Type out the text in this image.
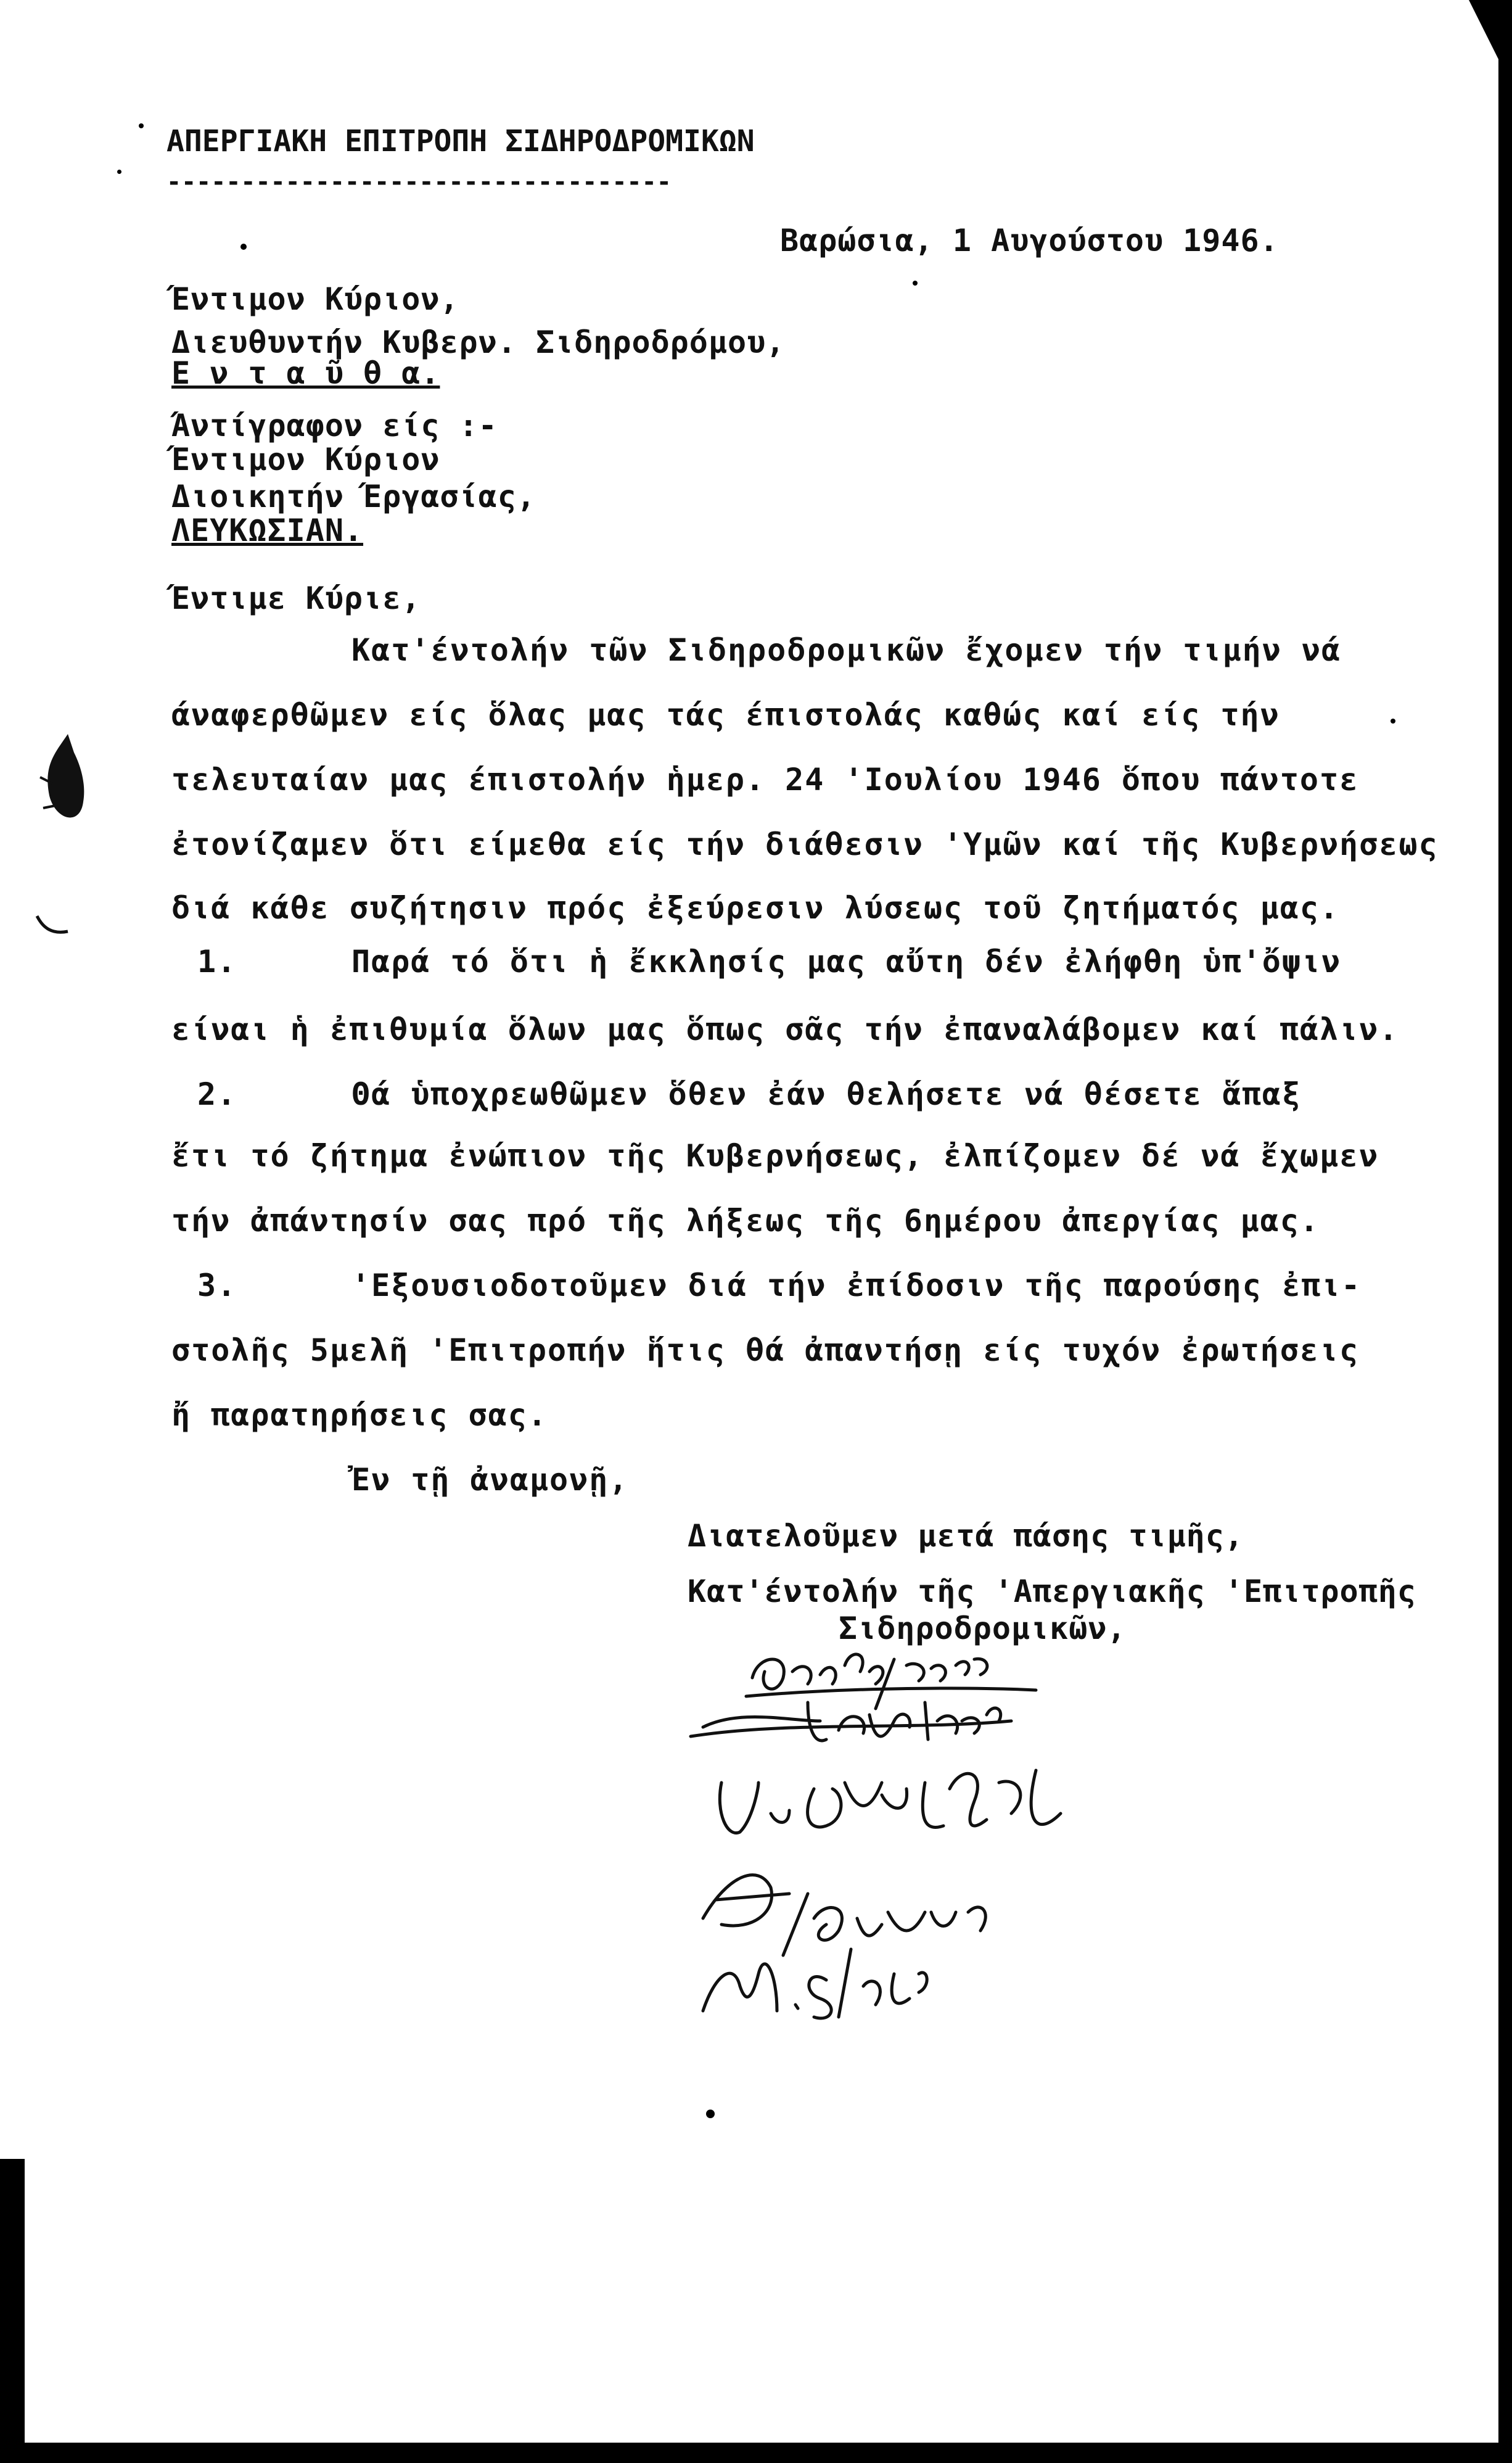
ΑΠΕΡΓΙΑΚΗ ΕΠΙΤΡΟΠΗ ΣΙΔΗΡΟΔΡΟΜΙΚΩΝ
----------------------------------
Βαρώσια, 1 Αυγούστου 1946.
Έντιμον Κύριον,
Διευθυντήν Κυβερν. Σιδηροδρόμου,
Ε ν τ α ῦ θ α.
Άντίγραφον είς :-
Έντιμον Κύριον
Διοικητήν Έργασίας,
ΛΕΥΚΩΣΙΑΝ.
Έντιμε Κύριε,
Κατ'έντολήν τῶν Σιδηροδρομικῶν ἔχομεν τήν τιμήν νά
άναφερθῶμεν είς ὅλας μας τάς έπιστολάς καθώς καί είς τήν
τελευταίαν μας έπιστολήν ἡμερ. 24 'Ιουλίου 1946 ὅπου πάντοτε
ἐτονίζαμεν ὅτι είμεθα είς τήν διάθεσιν 'Υμῶν καί τῆς Κυβερνήσεως
διά κάθε συζήτησιν πρός ἐξεύρεσιν λύσεως τοῦ ζητήματός μας.
1.	Παρά τό ὅτι ἡ ἔκκλησίς μας αὔτη δέν ἐλήφθη ὑπ'ὄψιν
είναι ἡ ἐπιθυμία ὅλων μας ὅπως σᾶς τήν ἐπαναλάβομεν καί πάλιν.
2.	Θά ὑποχρεωθῶμεν ὅθεν ἐάν θελήσετε νά θέσετε ἅπαξ
ἔτι τό ζήτημα ἐνώπιον τῆς Κυβερνήσεως, ἐλπίζομεν δέ νά ἔχωμεν
τήν ἀπάντησίν σας πρό τῆς λήξεως τῆς 6ημέρου ἀπεργίας μας.
3.	'Εξουσιοδοτοῦμεν διά τήν ἐπίδοσιν τῆς παρούσης ἐπι-
στολῆς 5μελῆ 'Επιτροπήν ἥτις θά ἀπαντήσῃ είς τυχόν ἐρωτήσεις
ἤ παρατηρήσεις σας.
Ἐν τῇ ἀναμονῇ,
Διατελοῦμεν μετά πάσης τιμῆς,
Κατ'έντολήν τῆς 'Απεργιακῆς 'Επιτροπῆς
Σιδηροδρομικῶν,
